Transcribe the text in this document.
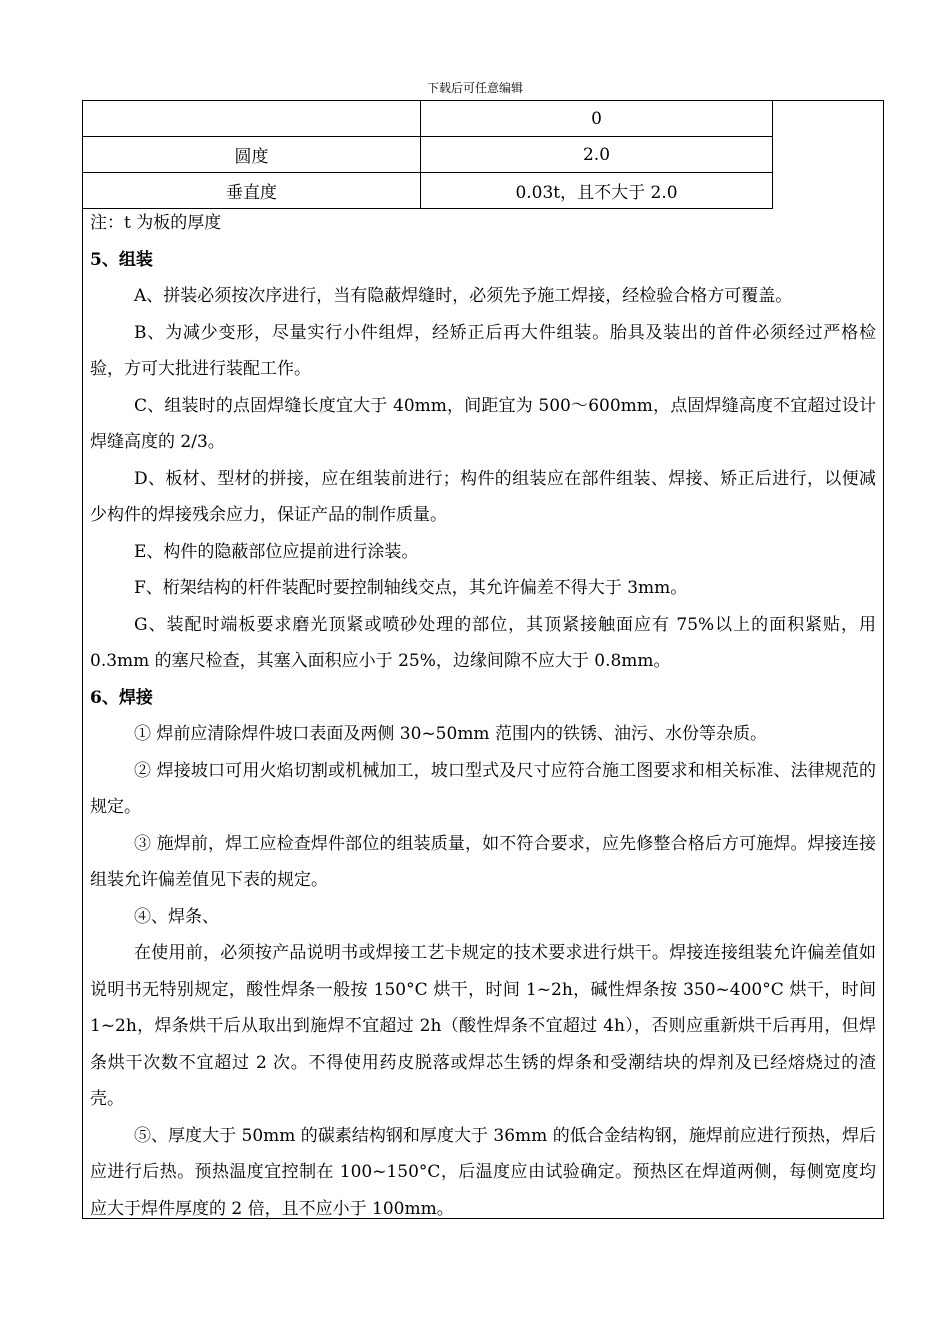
下载后可任意编辑
	0
圆度	2.0
垂直度	0.03t，且不大于 2.0

注：t 为板的厚度

5、组装

A、拼装必须按次序进行，当有隐蔽焊缝时，必须先予施工焊接，经检验合格方可覆盖。

B、为减少变形，尽量实行小件组焊，经矫正后再大件组装。胎具及装出的首件必须经过严格检验，方可大批进行装配工作。

C、组装时的点固焊缝长度宜大于 40mm，间距宜为 500～600mm，点固焊缝高度不宜超过设计焊缝高度的 2/3。

D、板材、型材的拼接，应在组装前进行；构件的组装应在部件组装、焊接、矫正后进行，以便减少构件的焊接残余应力，保证产品的制作质量。

E、构件的隐蔽部位应提前进行涂装。

F、桁架结构的杆件装配时要控制轴线交点，其允许偏差不得大于 3mm。

G、装配时端板要求磨光顶紧或喷砂处理的部位，其顶紧接触面应有 75%以上的面积紧贴，用 0.3mm 的塞尺检查，其塞入面积应小于 25%，边缘间隙不应大于 0.8mm。

6、焊接

① 焊前应清除焊件坡口表面及两侧 30~50mm 范围内的铁锈、油污、水份等杂质。

② 焊接坡口可用火焰切割或机械加工，坡口型式及尺寸应符合施工图要求和相关标准、法律规范的规定。

③ 施焊前，焊工应检查焊件部位的组装质量，如不符合要求，应先修整合格后方可施焊。焊接连接组装允许偏差值见下表的规定。

④、焊条、

在使用前，必须按产品说明书或焊接工艺卡规定的技术要求进行烘干。焊接连接组装允许偏差值如说明书无特别规定，酸性焊条一般按 150°C 烘干，时间 1~2h，碱性焊条按 350~400°C 烘干，时间 1~2h，焊条烘干后从取出到施焊不宜超过 2h（酸性焊条不宜超过 4h），否则应重新烘干后再用，但焊条烘干次数不宜超过 2 次。不得使用药皮脱落或焊芯生锈的焊条和受潮结块的焊剂及已经熔烧过的渣壳。

⑤、厚度大于 50mm 的碳素结构钢和厚度大于 36mm 的低合金结构钢，施焊前应进行预热，焊后应进行后热。预热温度宜控制在 100~150°C，后温度应由试验确定。预热区在焊道两侧，每侧宽度均应大于焊件厚度的 2 倍，且不应小于 100mm。
